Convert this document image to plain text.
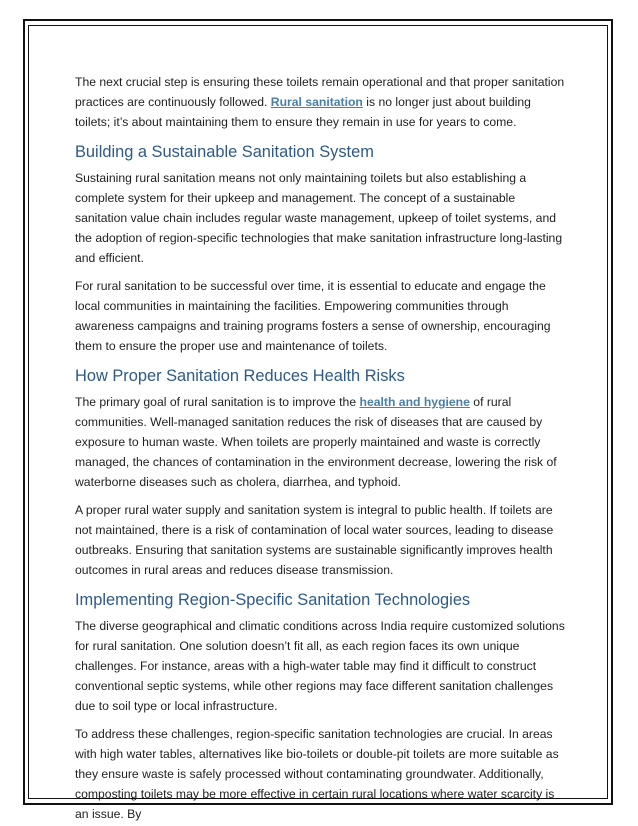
The next crucial step is ensuring these toilets remain operational and that proper sanitation practices are continuously followed. Rural sanitation is no longer just about building toilets; it’s about maintaining them to ensure they remain in use for years to come.

Building a Sustainable Sanitation System

Sustaining rural sanitation means not only maintaining toilets but also establishing a complete system for their upkeep and management. The concept of a sustainable sanitation value chain includes regular waste management, upkeep of toilet systems, and the adoption of region-specific technologies that make sanitation infrastructure long-lasting and efficient.

For rural sanitation to be successful over time, it is essential to educate and engage the local communities in maintaining the facilities. Empowering communities through awareness campaigns and training programs fosters a sense of ownership, encouraging them to ensure the proper use and maintenance of toilets.

How Proper Sanitation Reduces Health Risks

The primary goal of rural sanitation is to improve the health and hygiene of rural communities. Well-managed sanitation reduces the risk of diseases that are caused by exposure to human waste. When toilets are properly maintained and waste is correctly managed, the chances of contamination in the environment decrease, lowering the risk of waterborne diseases such as cholera, diarrhea, and typhoid.

A proper rural water supply and sanitation system is integral to public health. If toilets are not maintained, there is a risk of contamination of local water sources, leading to disease outbreaks. Ensuring that sanitation systems are sustainable significantly improves health outcomes in rural areas and reduces disease transmission.

Implementing Region-Specific Sanitation Technologies

The diverse geographical and climatic conditions across India require customized solutions for rural sanitation. One solution doesn’t fit all, as each region faces its own unique challenges. For instance, areas with a high-water table may find it difficult to construct conventional septic systems, while other regions may face different sanitation challenges due to soil type or local infrastructure.

To address these challenges, region-specific sanitation technologies are crucial. In areas with high water tables, alternatives like bio-toilets or double-pit toilets are more suitable as they ensure waste is safely processed without contaminating groundwater. Additionally, composting toilets may be more effective in certain rural locations where water scarcity is an issue. By
